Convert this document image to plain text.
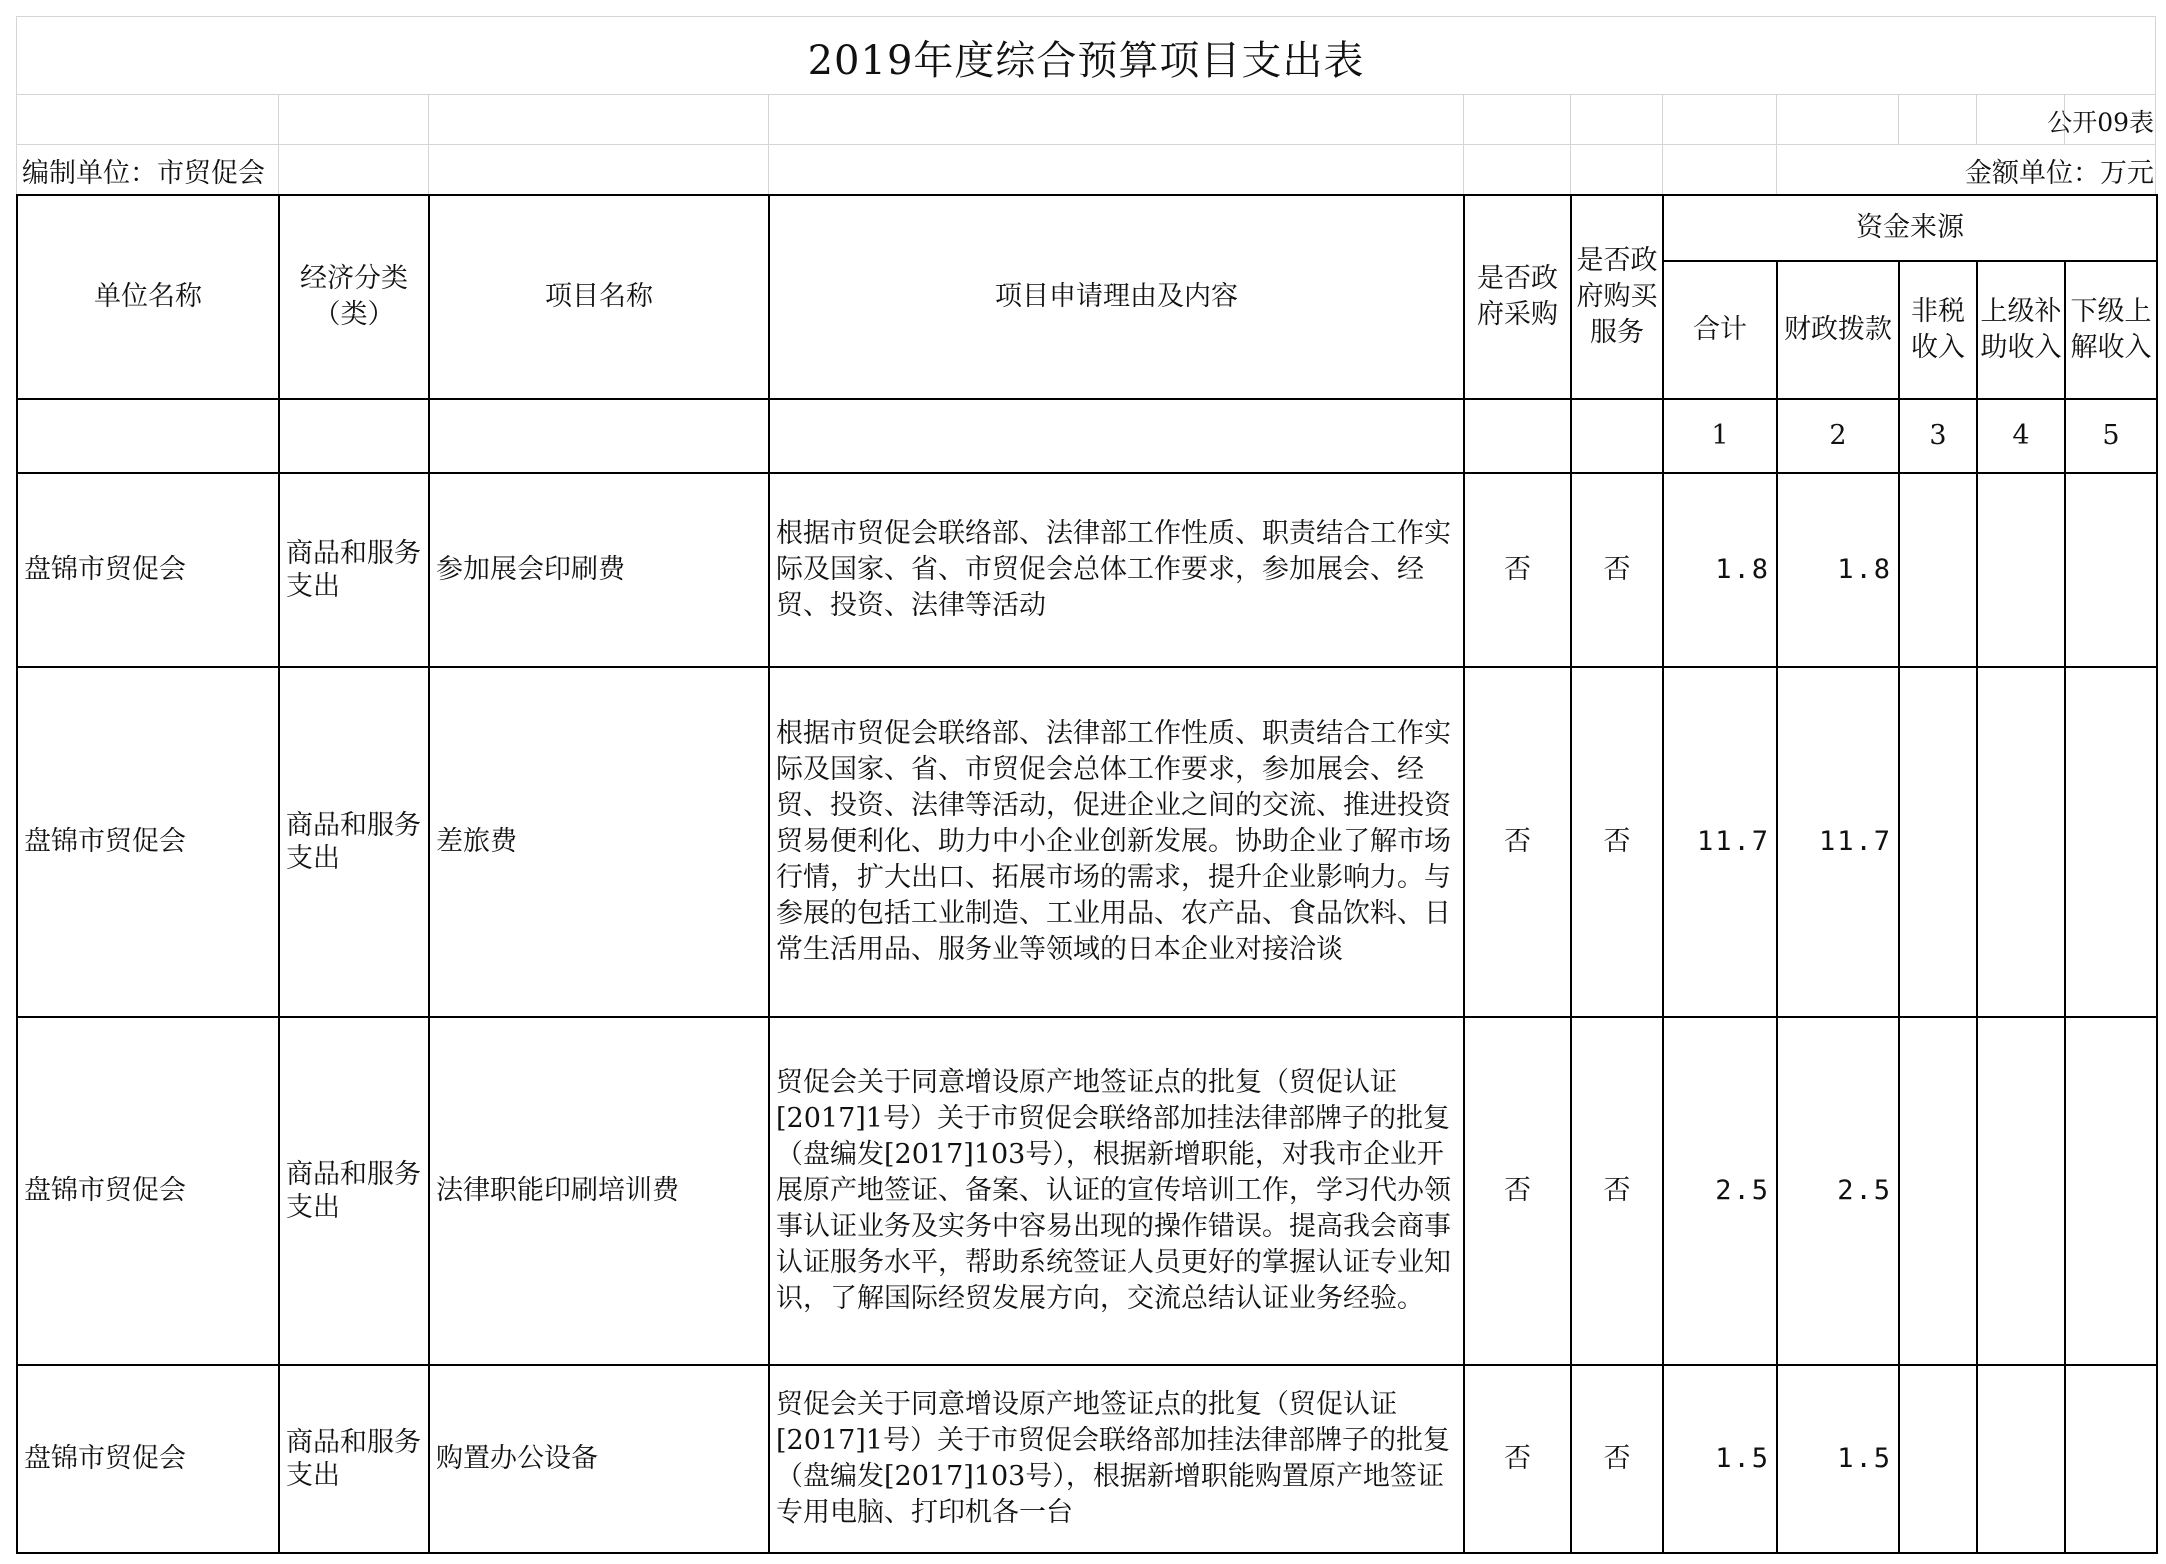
2019年度综合预算项目支出表
公开09表
编制单位：市贸促会	金额单位：万元
单位名称	经济分类（类）	项目名称	项目申请理由及内容	是否政府采购	是否政府购买服务	资金来源				
						合计	财政拨款	非税收入	上级补助收入	下级上解收入
						1	2	3	4	5
盘锦市贸促会	商品和服务支出	参加展会印刷费	根据市贸促会联络部、法律部工作性质、职责结合工作实际及国家、省、市贸促会总体工作要求，参加展会、经贸、投资、法律等活动	否	否	1.8	1.8			
盘锦市贸促会	商品和服务支出	差旅费	根据市贸促会联络部、法律部工作性质、职责结合工作实际及国家、省、市贸促会总体工作要求，参加展会、经贸、投资、法律等活动，促进企业之间的交流、推进投资贸易便利化、助力中小企业创新发展。协助企业了解市场行情，扩大出口、拓展市场的需求，提升企业影响力。与参展的包括工业制造、工业用品、农产品、食品饮料、日常生活用品、服务业等领域的日本企业对接洽谈	否	否	11.7	11.7			
盘锦市贸促会	商品和服务支出	法律职能印刷培训费	贸促会关于同意增设原产地签证点的批复（贸促认证[2017]1号）关于市贸促会联络部加挂法律部牌子的批复（盘编发[2017]103号），根据新增职能，对我市企业开展原产地签证、备案、认证的宣传培训工作，学习代办领事认证业务及实务中容易出现的操作错误。提高我会商事认证服务水平，帮助系统签证人员更好的掌握认证专业知识，了解国际经贸发展方向，交流总结认证业务经验。	否	否	2.5	2.5			
盘锦市贸促会	商品和服务支出	购置办公设备	贸促会关于同意增设原产地签证点的批复（贸促认证[2017]1号）关于市贸促会联络部加挂法律部牌子的批复（盘编发[2017]103号），根据新增职能购置原产地签证专用电脑、打印机各一台	否	否	1.5	1.5			
